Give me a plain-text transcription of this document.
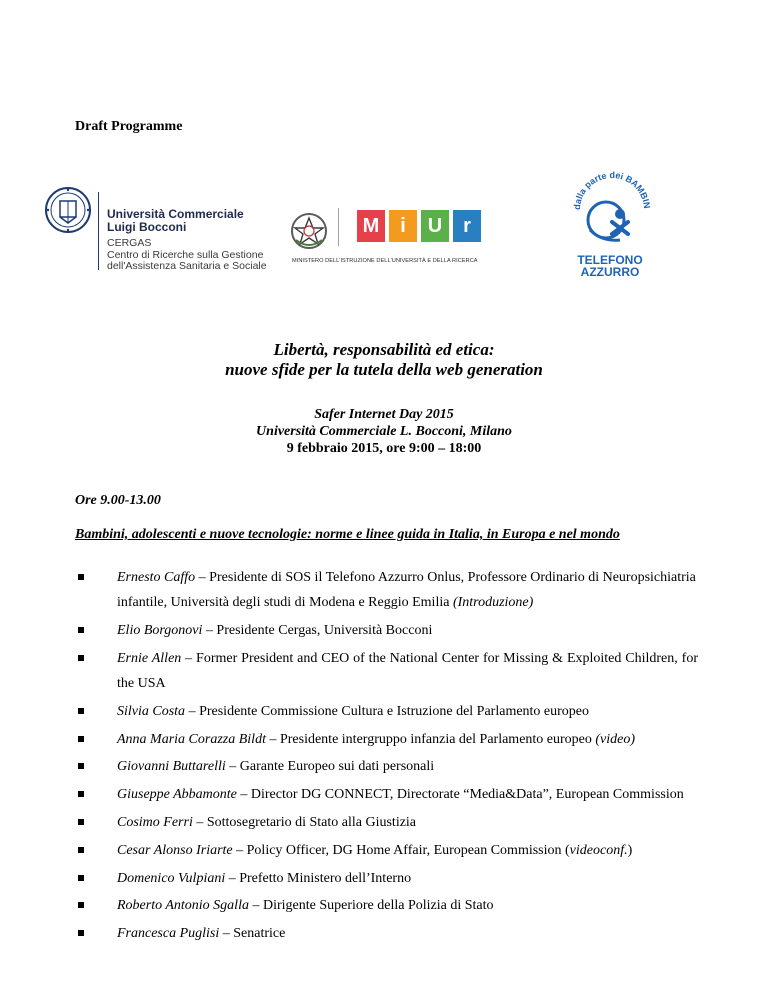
Draft Programme
Università Commerciale
Luigi Bocconi
CERGAS
Centro di Ricerche sulla Gestione
dell'Assistenza Sanitaria e Sociale
M	i	U	r
MINISTERO DELL'ISTRUZIONE DELL'UNIVERSITÀ E DELLA RICERCA
dalla parte dei BAMBIN
TELEFONO
AZZURRO
Libertà, responsabilità ed etica:
nuove sfide per la tutela della web generation
Safer Internet Day 2015
Università Commerciale L. Bocconi, Milano
9 febbraio 2015, ore 9:00 – 18:00
Ore 9.00-13.00
Bambini, adolescenti e nuove tecnologie: norme e linee guida in Italia, in Europa e nel mondo
Ernesto Caffo – Presidente di SOS il Telefono Azzurro Onlus, Professore Ordinario di Neuropsichiatria infantile, Università degli studi di Modena e Reggio Emilia (Introduzione)
Elio Borgonovi – Presidente Cergas, Università Bocconi
Ernie Allen – Former President and CEO of the National Center for Missing & Exploited Children, for the USA
Silvia Costa – Presidente Commissione Cultura e Istruzione del Parlamento europeo
Anna Maria Corazza Bildt – Presidente intergruppo infanzia del Parlamento europeo (video)
Giovanni Buttarelli – Garante Europeo sui dati personali
Giuseppe Abbamonte – Director DG CONNECT, Directorate “Media&Data”, European Commission
Cosimo Ferri – Sottosegretario di Stato alla Giustizia
Cesar Alonso Iriarte – Policy Officer, DG Home Affair, European Commission (videoconf.)
Domenico Vulpiani – Prefetto Ministero dell’Interno
Roberto Antonio Sgalla – Dirigente Superiore della Polizia di Stato
Francesca Puglisi – Senatrice
